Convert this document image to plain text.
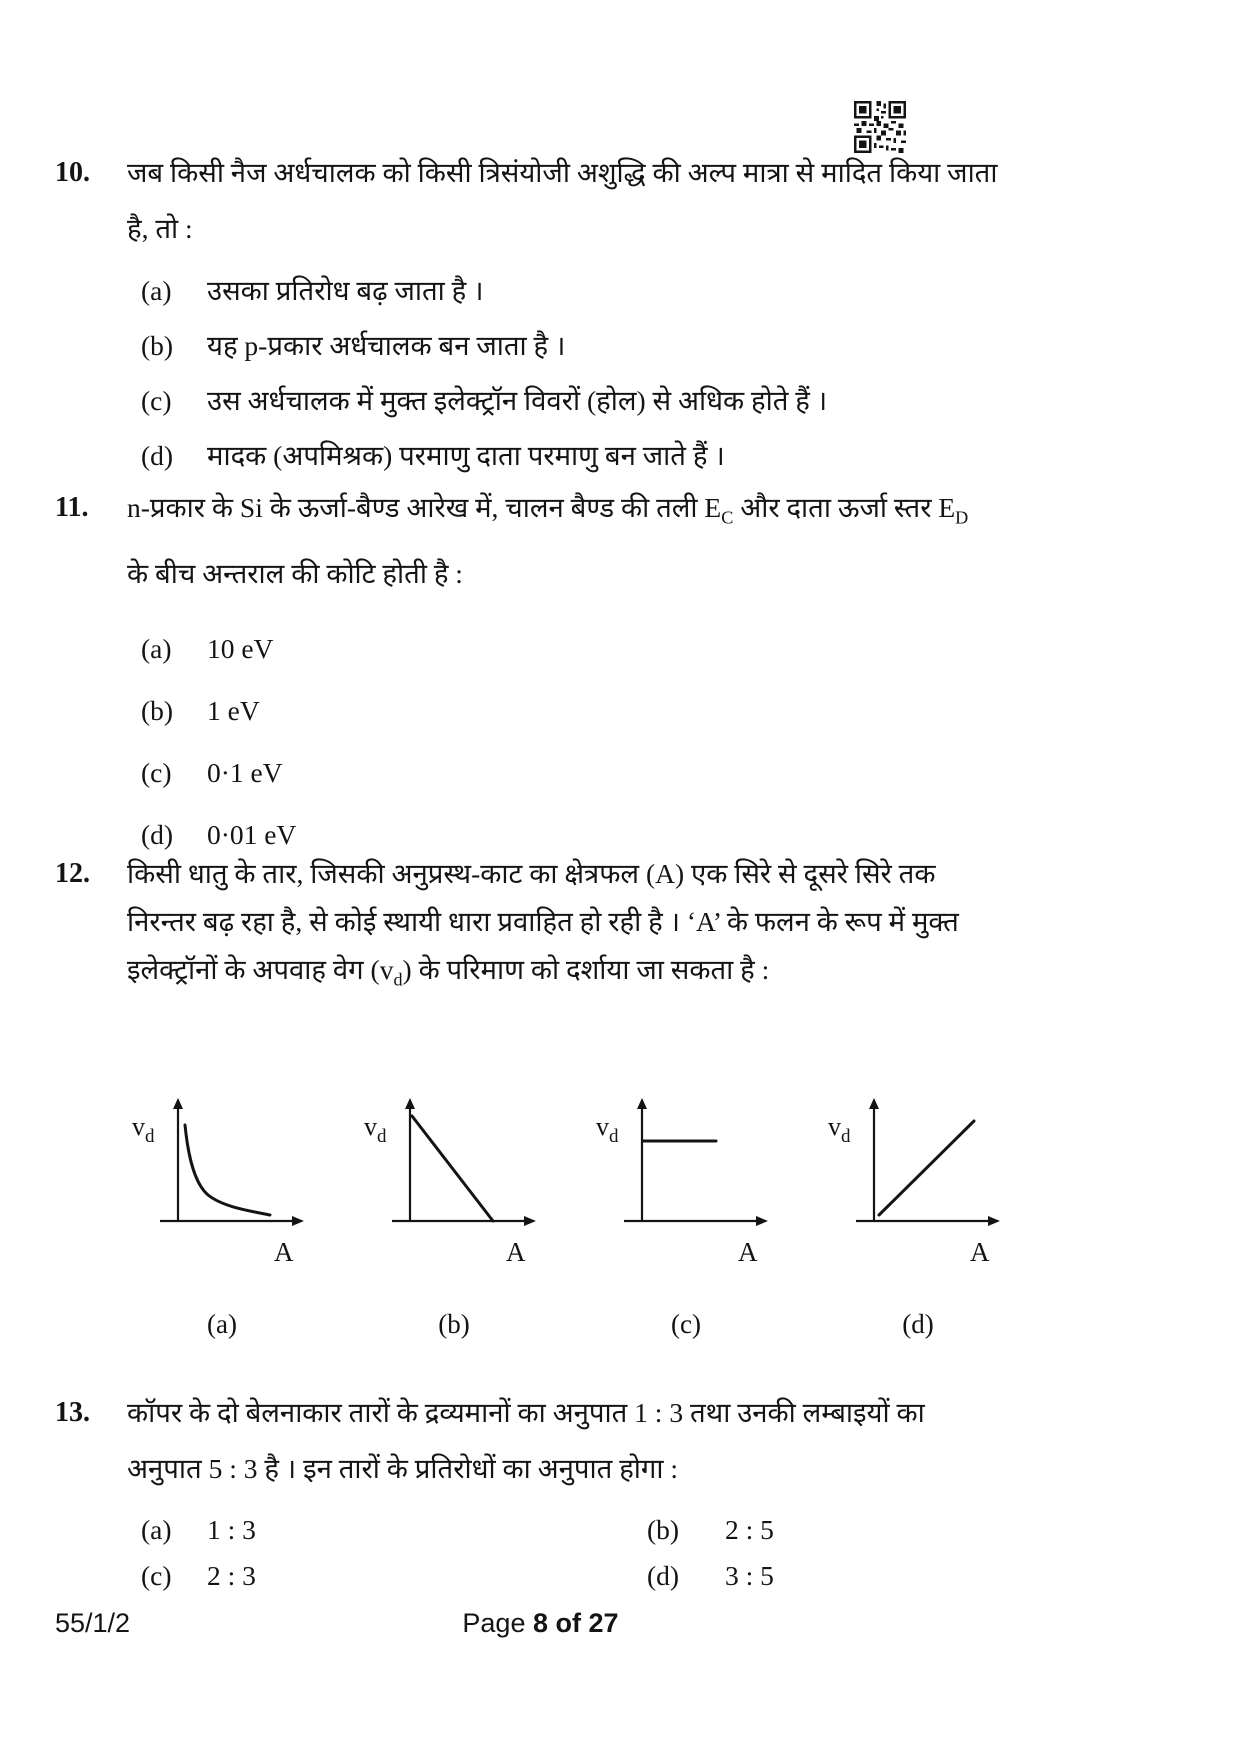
10.	जब किसी नैज अर्धचालक को किसी त्रिसंयोजी अशुद्धि की अल्प मात्रा से मादित किया जाता
है, तो :

(a)	उसका प्रतिरोध बढ़ जाता है ।
(b)	यह p-प्रकार अर्धचालक बन जाता है ।
(c)	उस अर्धचालक में मुक्त इलेक्ट्रॉन विवरों (होल) से अधिक होते हैं ।
(d)	मादक (अपमिश्रक) परमाणु दाता परमाणु बन जाते हैं ।
11.	n-प्रकार के Si के ऊर्जा-बैण्ड आरेख में, चालन बैण्ड की तली $E_C$ और दाता ऊर्जा स्तर $E_D$
के बीच अन्तराल की कोटि होती है :

(a)	10 eV
(b)	1 eV
(c)	0·1 eV
(d)	0·01 eV
12.	किसी धातु के तार, जिसकी अनुप्रस्थ-काट का क्षेत्रफल (A) एक सिरे से दूसरे सिरे तक
निरन्तर बढ़ रहा है, से कोई स्थायी धारा प्रवाहित हो रही है । ‘A’ के फलन के रूप में मुक्त
इलेक्ट्रॉनों के अपवाह वेग $(v_d)$ के परिमाण को दर्शाया जा सकता है :

$v_d$
A
(a)
$v_d$
A
(b)
$v_d$
A
(c)
$v_d$
A
(d)
13.	कॉपर के दो बेलनाकार तारों के द्रव्यमानों का अनुपात 1 : 3 तथा उनकी लम्बाइयों का
अनुपात 5 : 3 है । इन तारों के प्रतिरोधों का अनुपात होगा :

(a)	1 : 3	(b)	2 : 5
(c)	2 : 3	(d)	3 : 5
55/1/2	Page 8 of 27
